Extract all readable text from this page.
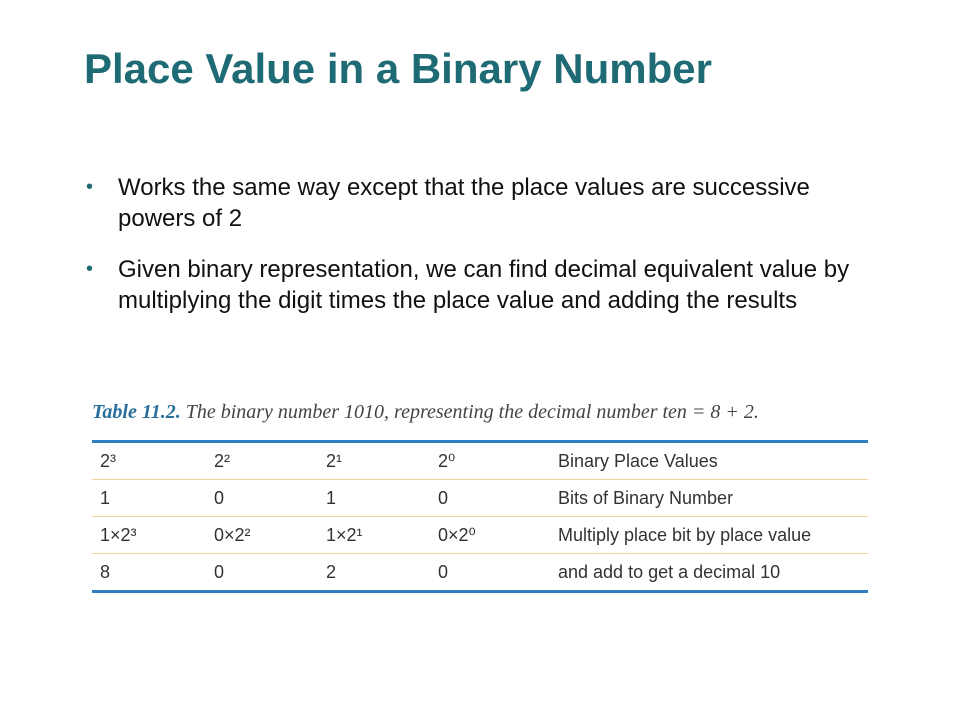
Place Value in a Binary Number
• Works the same way except that the place values are successive powers of 2
• Given binary representation, we can find decimal equivalent value by multiplying the digit times the place value and adding the results
Table 11.2. The binary number 1010, representing the decimal number ten = 8 + 2.
2³	2²	2¹	2⁰	Binary Place Values
1	0	1	0	Bits of Binary Number
1×2³	0×2²	1×2¹	0×2⁰	Multiply place bit by place value
8	0	2	0	and add to get a decimal 10
